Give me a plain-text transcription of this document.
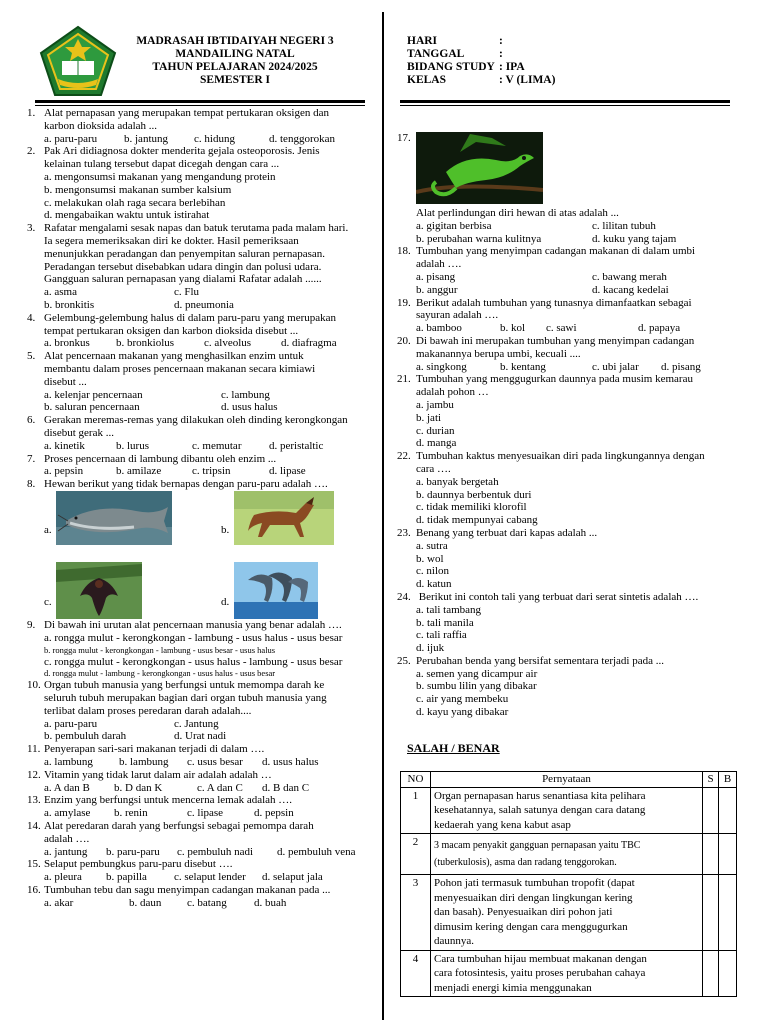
MADRASAH IBTIDAIYAH NEGERI 3
MANDAILING NATAL
TAHUN PELAJARAN 2024/2025
SEMESTER I
HARI	:
TANGGAL	:
BIDANG STUDY : IPA
KELAS	: V (LIMA)
1. Alat pernapasan yang merupakan tempat pertukaran oksigen dan
karbon dioksida adalah ...
a. paru-paru b. jantung c. hidung	d. tenggorokan
2. Pak Ari didiagnosa dokter menderita gejala osteoporosis. Jenis
kelainan tulang tersebut dapat dicegah dengan cara ...
a. mengonsumsi makanan yang mengandung protein
b. mengonsumsi makanan sumber kalsium
c. melakukan olah raga secara berlebihan
d. mengabaikan waktu untuk istirahat
3. Rafatar mengalami sesak napas dan batuk terutama pada malam hari.
Ia segera memeriksakan diri ke dokter. Hasil pemeriksaan
menunjukkan peradangan dan penyempitan saluran pernapasan.
Peradangan tersebut disebabkan udara dingin dan polusi udara.
Gangguan saluran pernapasan yang dialami Rafatar adalah ......
a. asma	c. Flu
b. bronkitis	d. pneumonia
4. Gelembung-gelembung halus di dalam paru-paru yang merupakan
tempat pertukaran oksigen dan karbon dioksida disebut ...
a. bronkus b. bronkiolus	c. alveolus	d. diafragma
5. Alat pencernaan makanan yang menghasilkan enzim untuk
membantu dalam proses pencernaan makanan secara kimiawi
disebut ...
a. kelenjar pencernaan	c. lambung
b. saluran pencernaan	d. usus halus
6. Gerakan meremas-remas yang dilakukan oleh dinding kerongkongan
disebut gerak ...
a. kinetik	b. lurus	c. memutar	d. peristaltic
7. Proses pencernaan di lambung dibantu oleh enzim ...
a. pepsin	b. amilaze	c. tripsin	d. lipase
8. Hewan berikut yang tidak bernapas dengan paru-paru adalah ….
a.	b.
c.	d.
9. Di bawah ini urutan alat pencernaan manusia yang benar adalah ….
a. rongga mulut - kerongkongan - lambung - usus halus - usus besar
b. rongga mulut - kerongkongan - lambung - usus besar - usus halus
c. rongga mulut - kerongkongan - usus halus - lambung - usus besar
d. rongga mulut - lambung - kerongkongan - usus halus - usus besar
10. Organ tubuh manusia yang berfungsi untuk memompa darah ke
seluruh tubuh merupakan bagian dari organ tubuh manusia yang
terlibat dalam proses peredaran darah adalah....
a. paru-paru	c. Jantung
b. pembuluh darah	d. Urat nadi
11. Penyerapan sari-sari makanan terjadi di dalam ….
a. lambung b. lambung c. usus besar d. usus halus
12. Vitamin yang tidak larut dalam air adalah adalah …
a. A dan B b. D dan K	c. A dan C d. B dan C
13. Enzim yang berfungsi untuk mencerna lemak adalah ….
a. amylase b. renin	c. lipase	d. pepsin
14. Alat peredaran darah yang berfungsi sebagai pemompa darah
adalah ….
a. jantung b. paru-paru c. pembuluh nadi d. pembuluh vena
15. Selaput pembungkus paru-paru disebut ….
a. pleura b. papilla c. selaput lender d. selaput jala
16. Tumbuhan tebu dan sagu menyimpan cadangan makanan pada ...
a. akar	b. daun c. batang d. buah
17.
Alat perlindungan diri hewan di atas adalah ...
a. gigitan berbisa	c. lilitan tubuh
b. perubahan warna kulitnya	d. kuku yang tajam
18. Tumbuhan yang menyimpan cadangan makanan di dalam umbi
adalah ….
a. pisang	c. bawang merah
b. anggur	d. kacang kedelai
19. Berikut adalah tumbuhan yang tunasnya dimanfaatkan sebagai
sayuran adalah ….
a. bamboo	b. kol c. sawi	d. papaya
20. Di bawah ini merupakan tumbuhan yang menyimpan cadangan
makanannya berupa umbi, kecuali ....
a. singkong	b. kentang	c. ubi jalar d. pisang
21. Tumbuhan yang menggugurkan daunnya pada musim kemarau
adalah pohon …
a. jambu
b. jati
c. durian
d. manga
22. Tumbuhan kaktus menyesuaikan diri pada lingkungannya dengan
cara ….
a. banyak bergetah
b. daunnya berbentuk duri
c. tidak memiliki klorofil
d. tidak mempunyai cabang
23. Benang yang terbuat dari kapas adalah ...
a. sutra
b. wol
c. nilon
d. katun
24. Berikut ini contoh tali yang terbuat dari serat sintetis adalah ….
a. tali tambang
b. tali manila
c. tali raffia
d. ijuk
25. Perubahan benda yang bersifat sementara terjadi pada ...
a. semen yang dicampur air
b. sumbu lilin yang dibakar
c. air yang membeku
d. kayu yang dibakar
SALAH / BENAR
NO	Pernyataan	S	B
1	Organ pernapasan harus senantiasa kita pelihara
kesehatannya, salah satunya dengan cara datang
kedaerah yang kena kabut asap		

2	3 macam penyakit gangguan pernapasan yaitu TBC
(tuberkulosis), asma dan radang tenggorokan.		

3	Pohon jati termasuk tumbuhan tropofit (dapat
menyesuaikan diri dengan lingkungan kering
dan basah). Penyesuaikan diri pohon jati
dimusim kering dengan cara menggugurkan
daunnya.		

4	Cara tumbuhan hijau membuat makanan dengan
cara fotosintesis, yaitu proses perubahan cahaya
menjadi energi kimia menggunakan		
